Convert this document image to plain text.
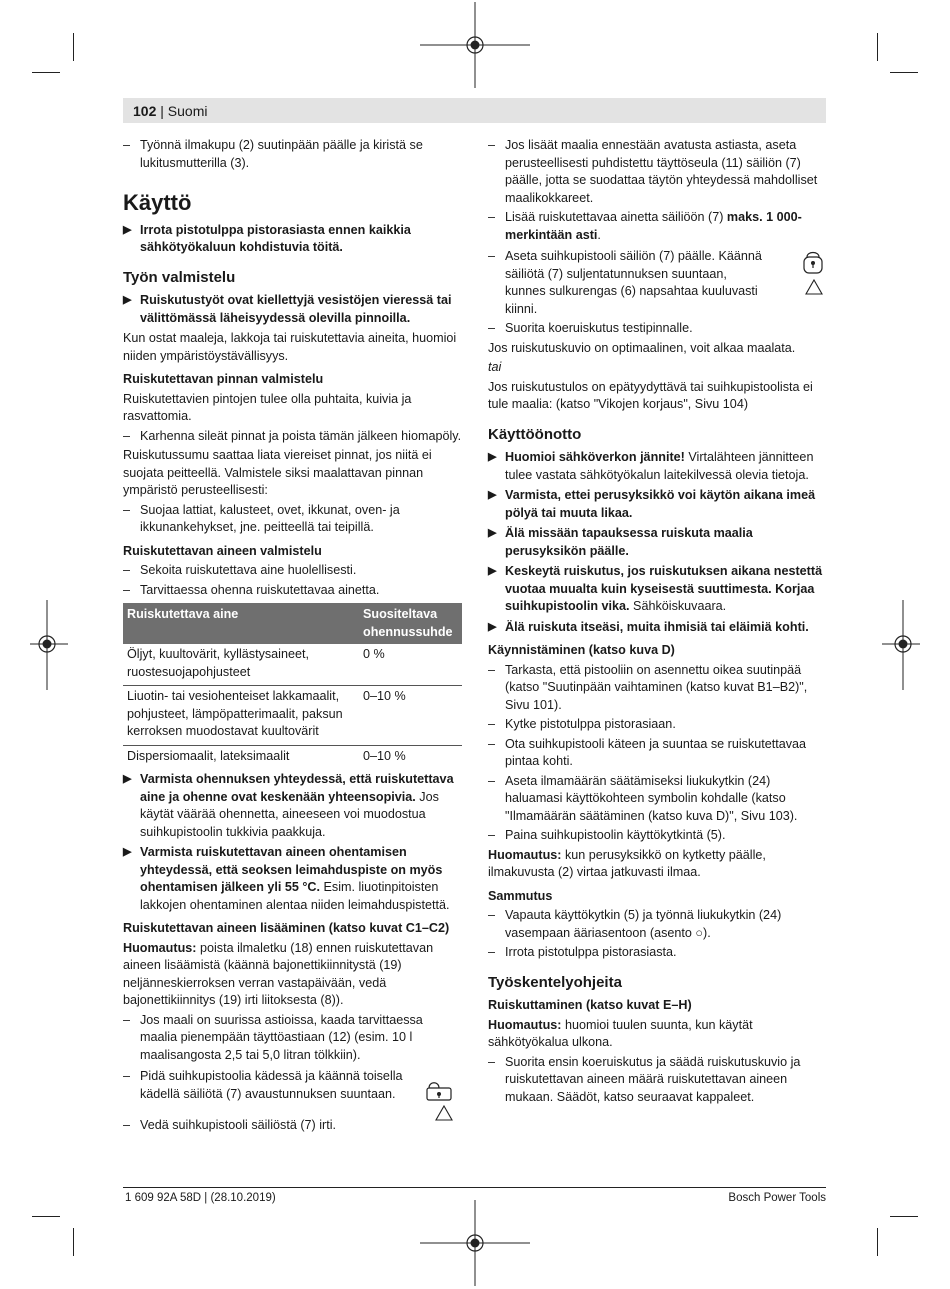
102 | Suomi
– Työnnä ilmakupu (2) suutinpään päälle ja kiristä se lukitusmutterilla (3).
Käyttö
▶ Irrota pistotulppa pistorasiasta ennen kaikkia sähkötyökaluun kohdistuvia töitä.
Työn valmistelu
▶ Ruiskutustyöt ovat kiellettyjä vesistöjen vieressä tai välittömässä läheisyydessä olevilla pinnoilla.

Kun ostat maaleja, lakkoja tai ruiskutettavia aineita, huomioi niiden ympäristöystävällisyys.

Ruiskutettavan pinnan valmistelu

Ruiskutettavien pintojen tulee olla puhtaita, kuivia ja rasvattomia.

– Karhenna sileät pinnat ja poista tämän jälkeen hiomapöly.

Ruiskutussumu saattaa liata viereiset pinnat, jos niitä ei suojata peitteellä. Valmistele siksi maalattavan pinnan ympäristö perusteellisesti:

– Suojaa lattiat, kalusteet, ovet, ikkunat, oven- ja ikkunankehykset, jne. peitteellä tai teipillä.
Ruiskutettavan aineen valmistelu
– Sekoita ruiskutettava aine huolellisesti.
– Tarvittaessa ohenna ruiskutettavaa ainetta.
Ruiskutettava aine	Suositeltava ohennussuhde
Öljyt, kuultovärit, kyllästysaineet, ruostesuojapohjusteet	0 %
Liuotin- tai vesiohenteiset lakkamaalit, pohjusteet, lämpöpatterimaalit, paksun kerroksen muodostavat kuultovärit	0–10 %
Dispersiomaalit, lateksimaalit	0–10 %
▶ Varmista ohennuksen yhteydessä, että ruiskutettava aine ja ohenne ovat keskenään yhteensopivia. Jos käytät väärää ohennetta, aineeseen voi muodostua suihkupistoolin tukkivia paakkuja.
▶ Varmista ruiskutettavan aineen ohentamisen yhteydessä, että seoksen leimahduspiste on myös ohentamisen jälkeen yli 55 °C. Esim. liuotinpitoisten lakkojen ohentaminen alentaa niiden leimahduspistettä.
Ruiskutettavan aineen lisääminen (katso kuvat C1–C2)

Huomautus: poista ilmaletku (18) ennen ruiskutettavan aineen lisäämistä (käännä bajonettikiinnitystä (19) neljänneskierroksen verran vastapäivään, vedä bajonettikiinnitys (19) irti liitoksesta (8)).

– Jos maali on suurissa astioissa, kaada tarvittaessa maalia pienempään täyttöastiaan (12) (esim. 10 l maalisangosta 2,5 tai 5,0 litran tölkkiin).
– Pidä suihkupistoolia kädessä ja käännä toisella kädellä säiliötä (7) avaustunnuksen suuntaan.
– Vedä suihkupistooli säiliöstä (7) irti.
– Jos lisäät maalia ennestään avatusta astiasta, aseta perusteellisesti puhdistettu täyttöseula (11) säiliön (7) päälle, jotta se suodattaa täytön yhteydessä mahdolliset maalikokkareet.
– Lisää ruiskutettavaa ainetta säiliöön (7) maks. 1 000-merkintään asti.
– Aseta suihkupistooli säiliön (7) päälle. Käännä säiliötä (7) suljentatunnuksen suuntaan, kunnes sulkurengas (6) napsahtaa kuuluvasti kiinni.
– Suorita koeruiskutus testipinnalle.

Jos ruiskutuskuvio on optimaalinen, voit alkaa maalata.

tai

Jos ruiskutustulos on epätyydyttävä tai suihkupistoolista ei tule maalia: (katso "Vikojen korjaus", Sivu 104)

Käyttöönotto
▶ Huomioi sähköverkon jännite! Virtalähteen jännitteen tulee vastata sähkötyökalun laitekilvessä olevia tietoja.
▶ Varmista, ettei perusyksikkö voi käytön aikana imeä pölyä tai muuta likaa.
▶ Älä missään tapauksessa ruiskuta maalia perusyksikön päälle.
▶ Keskeytä ruiskutus, jos ruiskutuksen aikana nestettä vuotaa muualta kuin kyseisestä suuttimesta. Korjaa suihkupistoolin vika. Sähköiskuvaara.
▶ Älä ruiskuta itseäsi, muita ihmisiä tai eläimiä kohti.
Käynnistäminen (katso kuva D)
– Tarkasta, että pistooliin on asennettu oikea suutinpää (katso "Suutinpään vaihtaminen (katso kuvat B1–B2)", Sivu 101).
– Kytke pistotulppa pistorasiaan.
– Ota suihkupistooli käteen ja suuntaa se ruiskutettavaa pintaa kohti.
– Aseta ilmamäärän säätämiseksi liukukytkin (24) haluamasi käyttökohteen symbolin kohdalle (katso "Ilmamäärän säätäminen (katso kuva D)", Sivu 103).
– Paina suihkupistoolin käyttökytkintä (5).

Huomautus: kun perusyksikkö on kytketty päälle, ilmakuvusta (2) virtaa jatkuvasti ilmaa.

Sammutus
– Vapauta käyttökytkin (5) ja työnnä liukukytkin (24) vasempaan ääriasentoon (asento ○).
– Irrota pistotulppa pistorasiasta.
Työskentelyohjeita
Ruiskuttaminen (katso kuvat E–H)

Huomautus: huomioi tuulen suunta, kun käytät sähkötyökalua ulkona.

– Suorita ensin koeruiskutus ja säädä ruiskutuskuvio ja ruiskutettavan aineen määrä ruiskutettavan aineen mukaan. Säädöt, katso seuraavat kappaleet.
1 609 92A 58D | (28.10.2019)	Bosch Power Tools
